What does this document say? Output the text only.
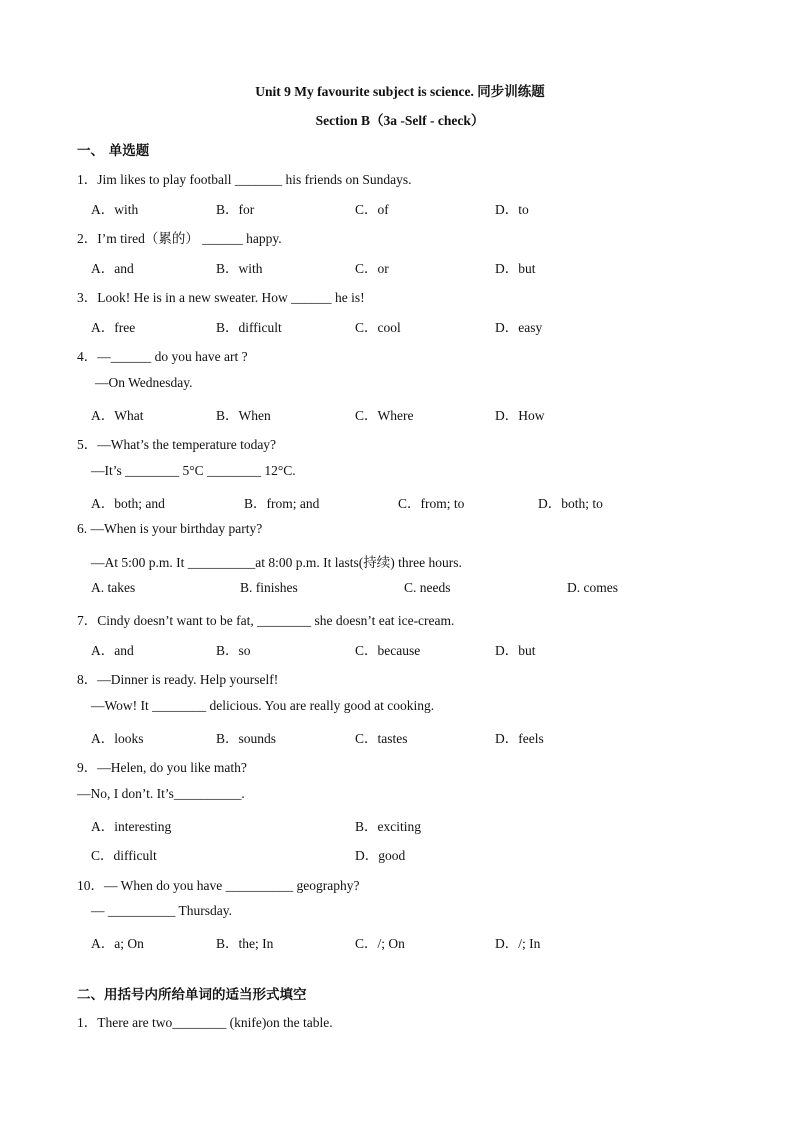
Unit 9 My favourite subject is science. 同步训练题
Section B（3a -Self - check）
一、 单选题
1．Jim likes to play football _______ his friends on Sundays.
A．with	B．for	C．of	D．to
2．I’m tired（累的） ______ happy.
A．and	B．with	C．or	D．but
3．Look! He is in a new sweater. How ______ he is!
A．free	B．difficult	C．cool	D．easy
4．—______ do you have art ?
—On Wednesday.
A．What	B．When	C．Where	D．How
5．—What’s the temperature today?
—It’s ________ 5°C ________ 12°C.
A．both; and	B．from; and	C．from; to	D．both; to
6. —When is your birthday party?
—At 5:00 p.m. It __________at 8:00 p.m. It lasts(持续) three hours.
A. takes	B. finishes	C. needs	D. comes
7．Cindy doesn’t want to be fat, ________ she doesn’t eat ice-cream.
A．and	B．so	C．because	D．but
8．—Dinner is ready. Help yourself!
—Wow! It ________ delicious. You are really good at cooking.
A．looks	B．sounds	C．tastes	D．feels
9．—Helen, do you like math?
—No, I don’t. It’s__________.
A．interesting	B．exciting
C．difficult	D．good
10．— When do you have __________ geography?
— __________ Thursday.
A．a; On	B．the; In	C．/; On	D．/; In
二、用括号内所给单词的适当形式填空
1．There are two________ (knife)on the table.
